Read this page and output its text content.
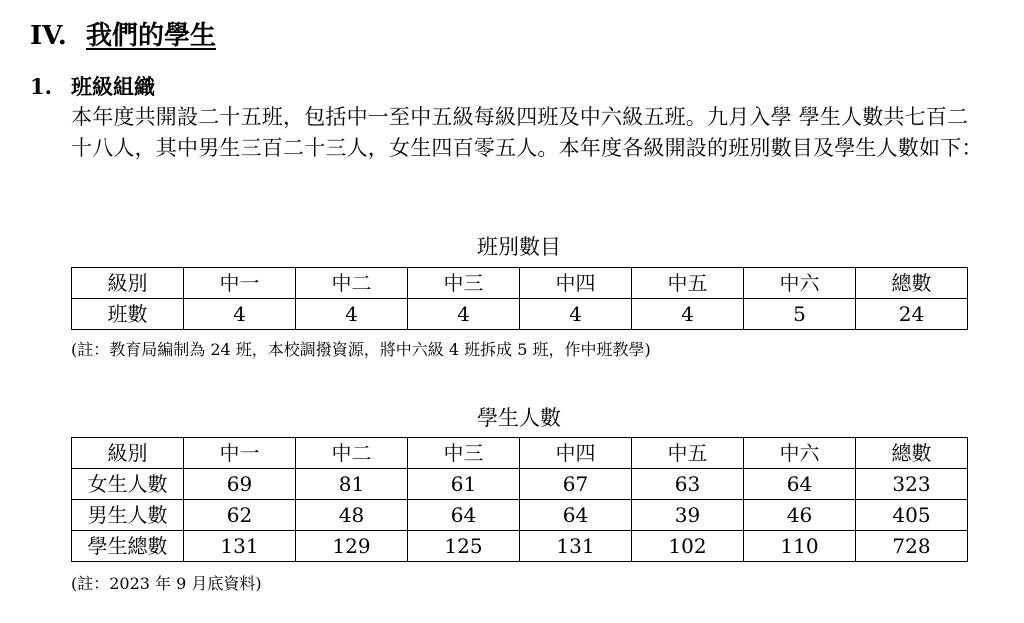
IV. 我們的學生
1. 班級組織
本年度共開設二十五班，包括中一至中五級每級四班及中六級五班。九月入學 學生人數共七百二十八人，其中男生三百二十三人，女生四百零五人。本年度各級開設的班別數目及學生人數如下：
班別數目
級別	中一	中二	中三	中四	中五	中六	總數
班數	4	4	4	4	4	5	24
(註：教育局編制為 24 班，本校調撥資源，將中六級 4 班拆成 5 班，作中班教學)
學生人數
級別	中一	中二	中三	中四	中五	中六	總數
女生人數	69	81	61	67	63	64	323
男生人數	62	48	64	64	39	46	405
學生總數	131	129	125	131	102	110	728
(註：2023 年 9 月底資料)
